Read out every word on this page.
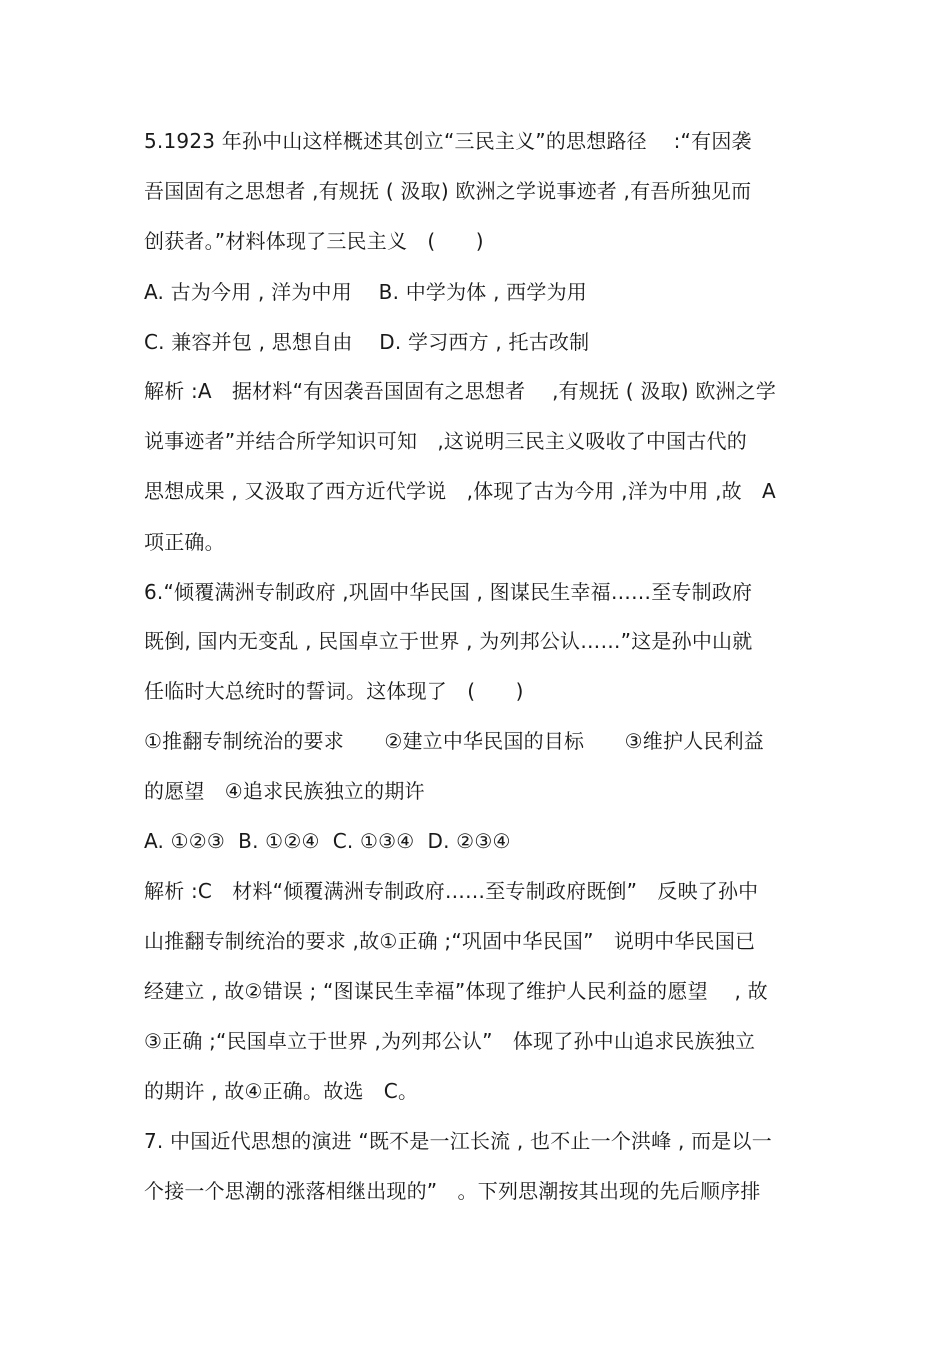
5.1923 年孙中山这样概述其创立“三民主义”的思想路径　 :“有因袭
吾国固有之思想者 ,有规抚 ( 汲取) 欧洲之学说事迹者 ,有吾所独见而
创获者。”材料体现了三民主义　(　　)
A. 古为今用 , 洋为中用　 B. 中学为体 , 西学为用
C. 兼容并包 , 思想自由　 D. 学习西方 , 托古改制
解析 :A　据材料“有因袭吾国固有之思想者　 ,有规抚 ( 汲取) 欧洲之学
说事迹者”并结合所学知识可知　,这说明三民主义吸收了中国古代的
思想成果 , 又汲取了西方近代学说　,体现了古为今用 ,洋为中用 ,故　A
项正确。
6.“倾覆满洲专制政府 ,巩固中华民国 , 图谋民生幸福……至专制政府
既倒, 国内无变乱 , 民国卓立于世界 , 为列邦公认……”这是孙中山就
任临时大总统时的誓词。这体现了　(　　)
①推翻专制统治的要求　　②建立中华民国的目标　　③维护人民利益
的愿望　④追求民族独立的期许
A. ①②③  B. ①②④  C. ①③④  D. ②③④
解析 :C　材料“倾覆满洲专制政府……至专制政府既倒”　反映了孙中
山推翻专制统治的要求 ,故①正确 ;“巩固中华民国”　说明中华民国已
经建立 , 故②错误 ; “图谋民生幸福”体现了维护人民利益的愿望　 , 故
③正确 ;“民国卓立于世界 ,为列邦公认”　体现了孙中山追求民族独立
的期许 , 故④正确。故选　C。
7. 中国近代思想的演进 “既不是一江长流 , 也不止一个洪峰 , 而是以一
个接一个思潮的涨落相继出现的”　。下列思潮按其出现的先后顺序排
